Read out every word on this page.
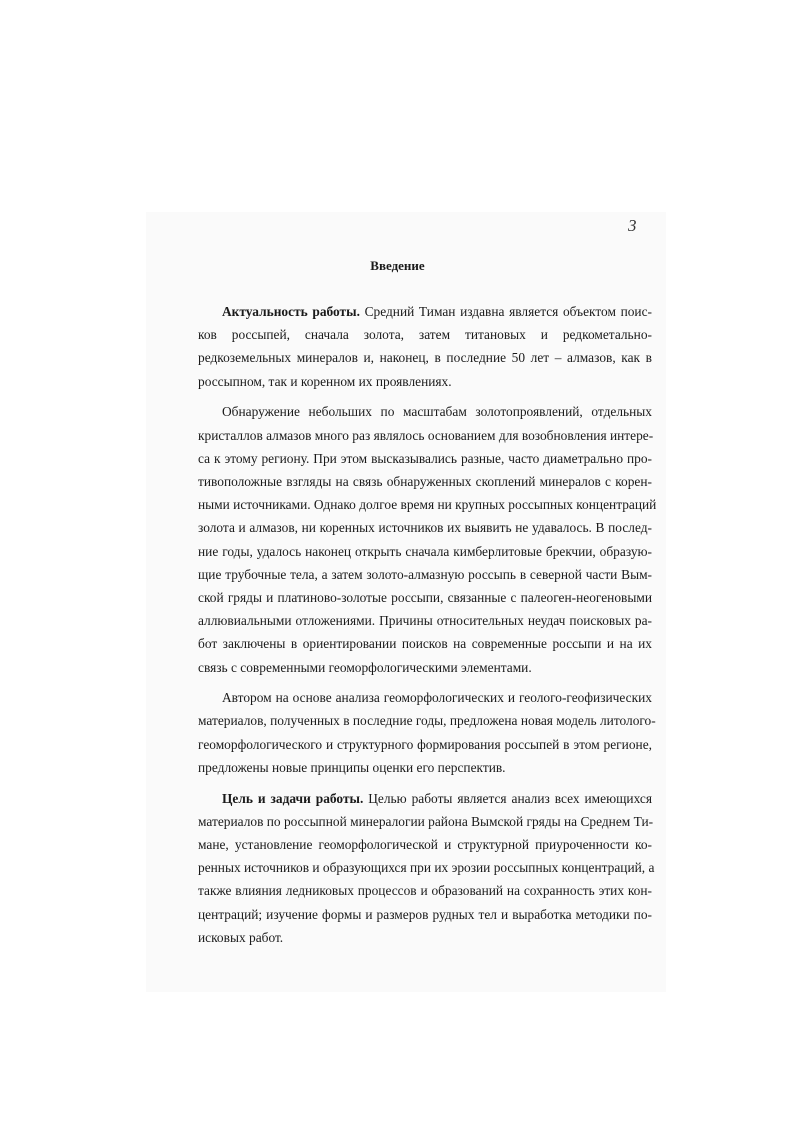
3
Введение
Актуальность работы. Средний Тиман издавна является объектом поис-
ков россыпей, сначала золота, затем титановых и редкометально-
редкоземельных минералов и, наконец, в последние 50 лет – алмазов, как в
россыпном, так и коренном их проявлениях.
Обнаружение небольших по масштабам золотопроявлений, отдельных
кристаллов алмазов много раз являлось основанием для возобновления интере-
са к этому региону. При этом высказывались разные, часто диаметрально про-
тивоположные взгляды на связь обнаруженных скоплений минералов с корен-
ными источниками. Однако долгое время ни крупных россыпных концентраций
золота и алмазов, ни коренных источников их выявить не удавалось. В послед-
ние годы, удалось наконец открыть сначала кимберлитовые брекчии, образую-
щие трубочные тела, а затем золото-алмазную россыпь в северной части Вым-
ской гряды и платиново-золотые россыпи, связанные с палеоген-неогеновыми
аллювиальными отложениями. Причины относительных неудач поисковых ра-
бот заключены в ориентировании поисков на современные россыпи и на их
связь с современными геоморфологическими элементами.
Автором на основе анализа геоморфологических и геолого-геофизических
материалов, полученных в последние годы, предложена новая модель литолого-
геоморфологического и структурного формирования россыпей в этом регионе,
предложены новые принципы оценки его перспектив.
Цель и задачи работы. Целью работы является анализ всех имеющихся
материалов по россыпной минералогии района Вымской гряды на Среднем Ти-
мане, установление геоморфологической и структурной приуроченности ко-
ренных источников и образующихся при их эрозии россыпных концентраций, а
также влияния ледниковых процессов и образований на сохранность этих кон-
центраций; изучение формы и размеров рудных тел и выработка методики по-
исковых работ.
